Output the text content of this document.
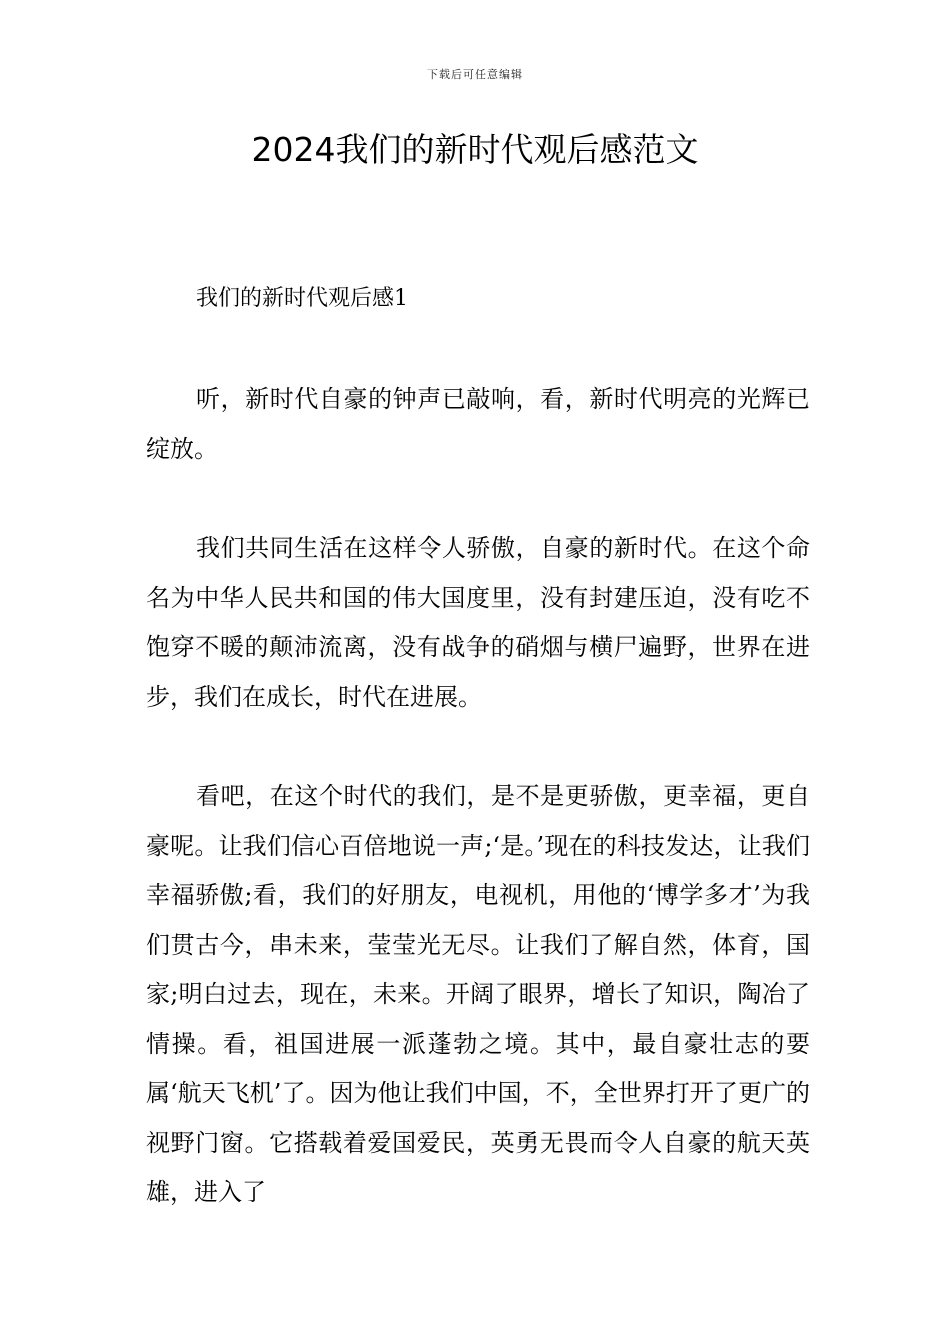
下载后可任意编辑
2024我们的新时代观后感范文
我们的新时代观后感1

听，新时代自豪的钟声已敲响，看，新时代明亮的光辉已绽放。

我们共同生活在这样令人骄傲，自豪的新时代。在这个命名为中华人民共和国的伟大国度里，没有封建压迫，没有吃不饱穿不暖的颠沛流离，没有战争的硝烟与横尸遍野，世界在进步，我们在成长，时代在进展。

看吧，在这个时代的我们，是不是更骄傲，更幸福，更自豪呢。让我们信心百倍地说一声;‘是。’现在的科技发达，让我们幸福骄傲;看，我们的好朋友，电视机，用他的‘博学多才’为我们贯古今，串未来，莹莹光无尽。让我们了解自然，体育，国家;明白过去，现在，未来。开阔了眼界，增长了知识，陶冶了情操。看，祖国进展一派蓬勃之境。其中，最自豪壮志的要属‘航天飞机’了。因为他让我们中国，不，全世界打开了更广的视野门窗。它搭载着爱国爱民，英勇无畏而令人自豪的航天英雄，进入了
